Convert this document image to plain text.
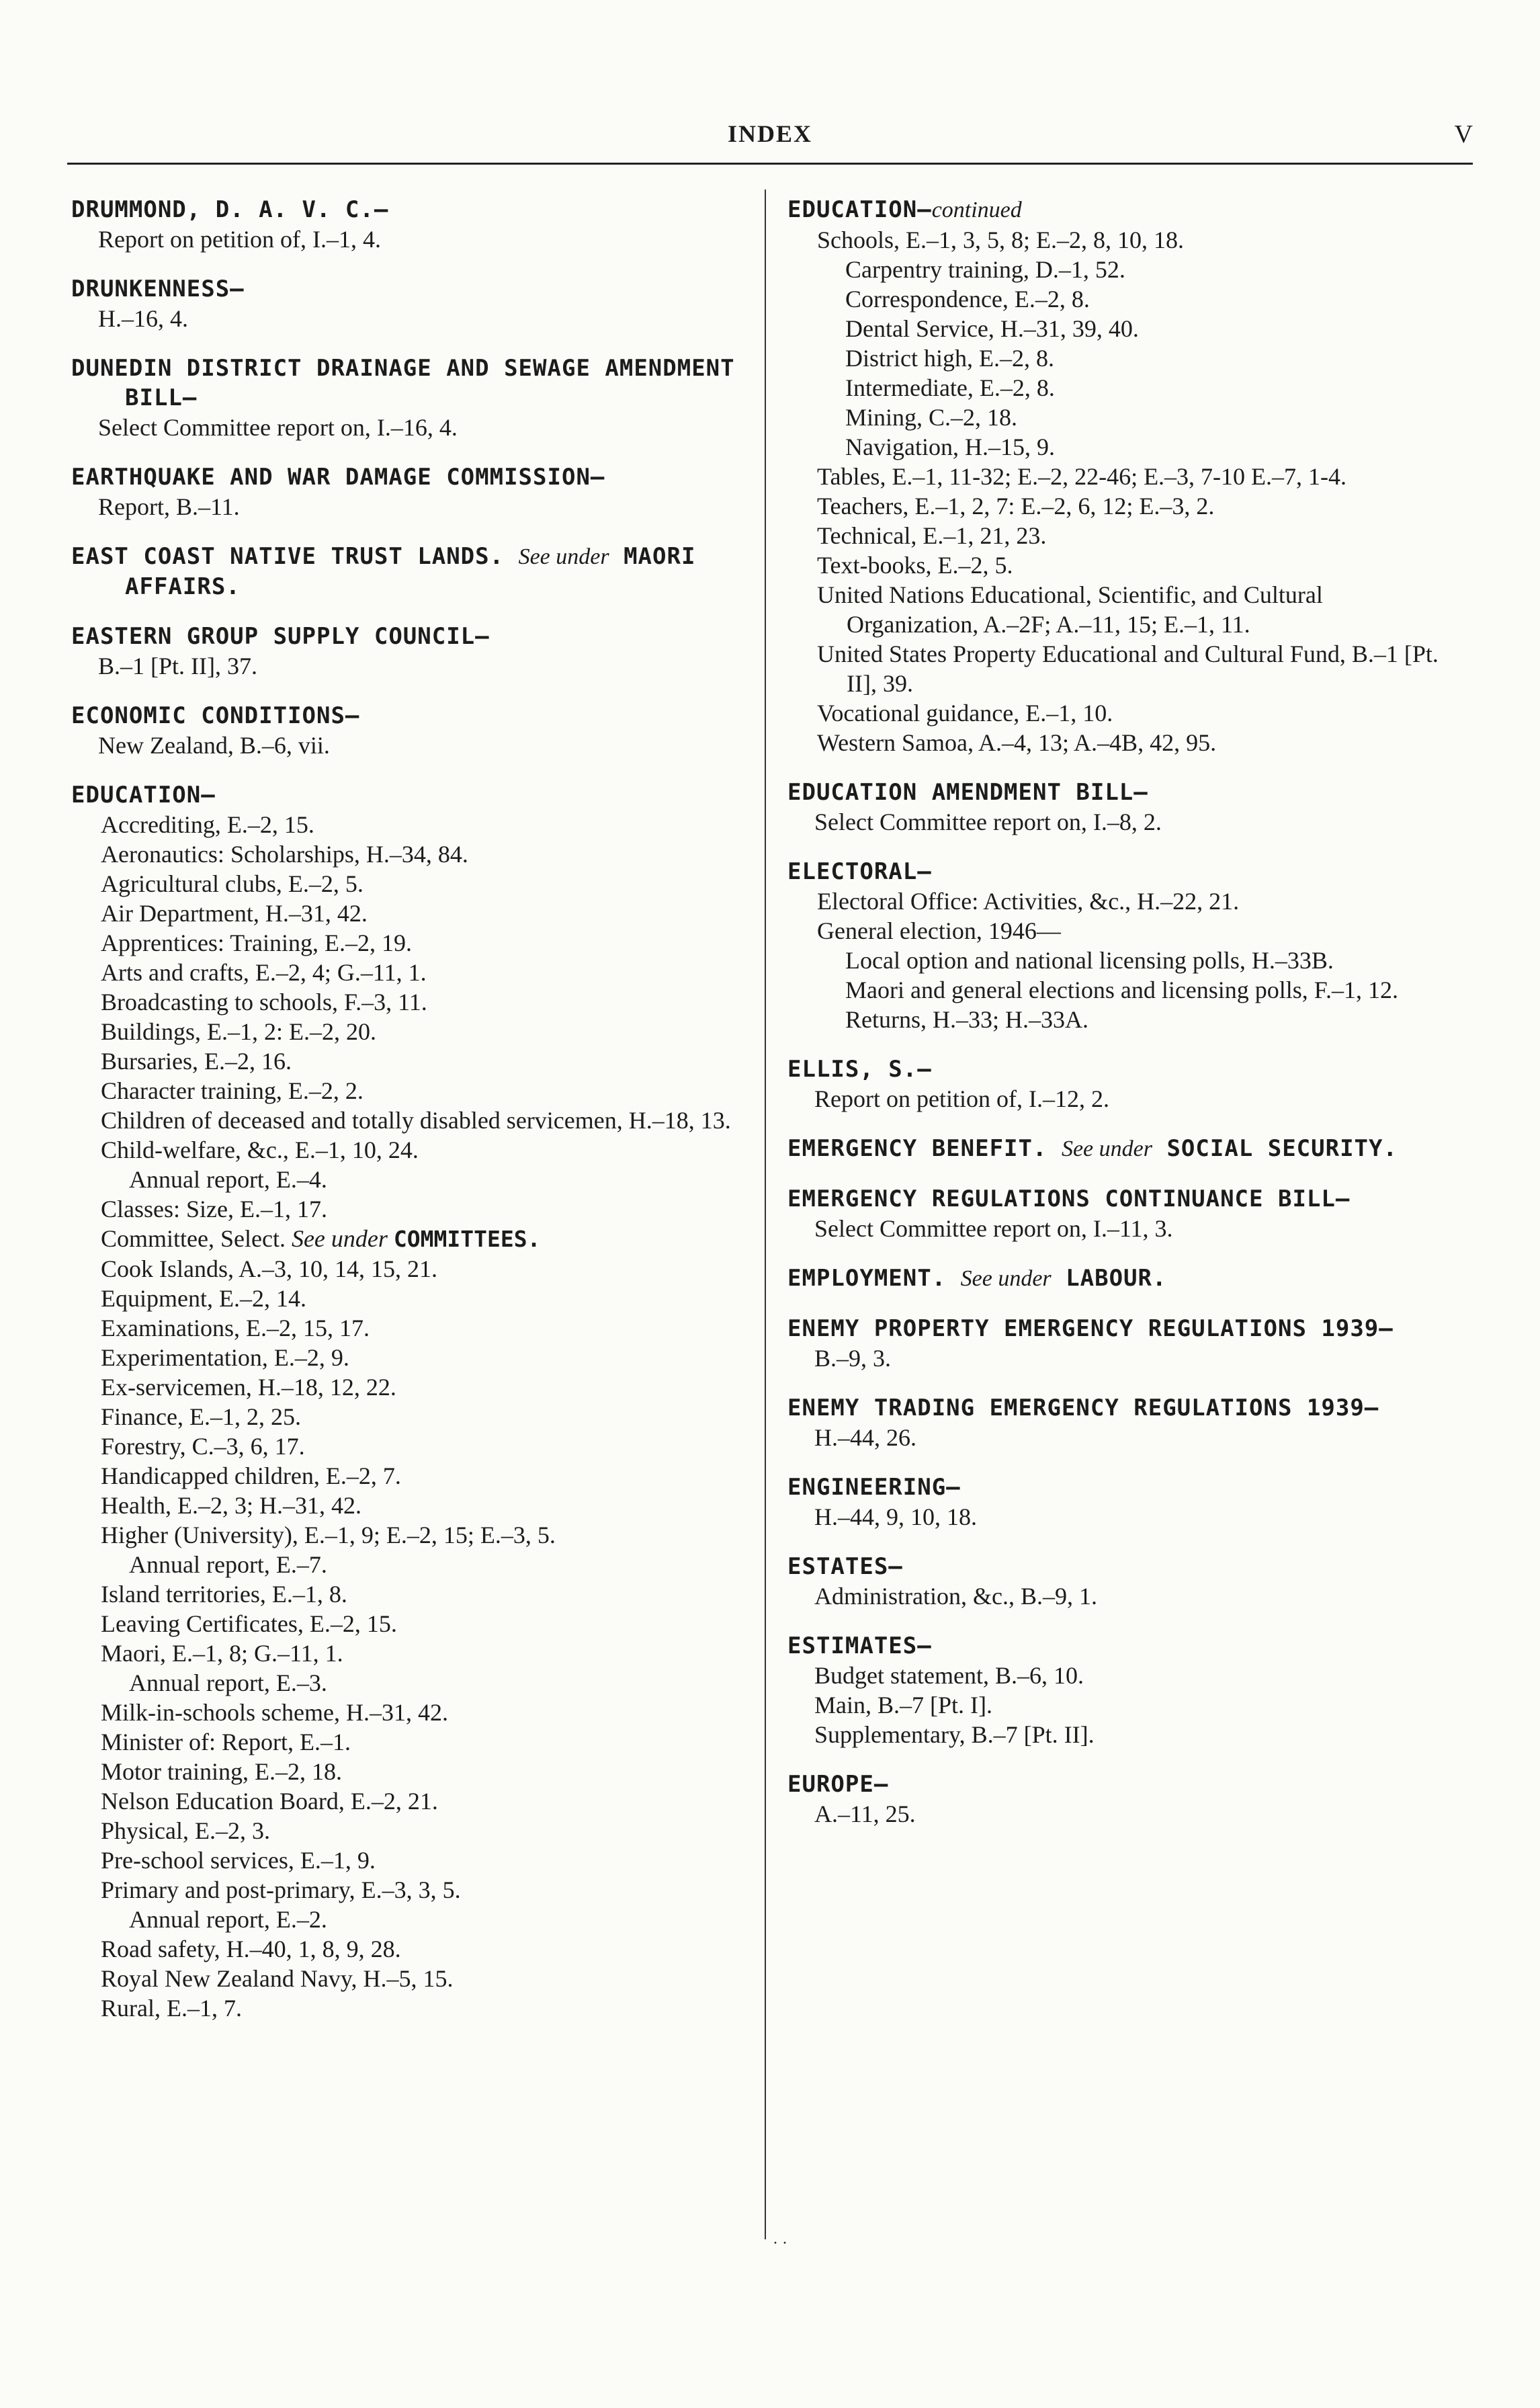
INDEX	V
DRUMMOND, D. A. V. C.—
Report on petition of, I.–1, 4.
DRUNKENNESS—
H.–16, 4.
DUNEDIN DISTRICT DRAINAGE AND SEWAGE AMENDMENT BILL—
Select Committee report on, I.–16, 4.
EARTHQUAKE AND WAR DAMAGE COMMISSION—
Report, B.–11.
EAST COAST NATIVE TRUST LANDS. See under MAORI AFFAIRS.
EASTERN GROUP SUPPLY COUNCIL—
B.–1 [Pt. II], 37.
ECONOMIC CONDITIONS—
New Zealand, B.–6, vii.
EDUCATION—
Accrediting, E.–2, 15.
Aeronautics: Scholarships, H.–34, 84.
Agricultural clubs, E.–2, 5.
Air Department, H.–31, 42.
Apprentices: Training, E.–2, 19.
Arts and crafts, E.–2, 4; G.–11, 1.
Broadcasting to schools, F.–3, 11.
Buildings, E.–1, 2: E.–2, 20.
Bursaries, E.–2, 16.
Character training, E.–2, 2.
Children of deceased and totally disabled servicemen, H.–18, 13.
Child-welfare, &c., E.–1, 10, 24.
Annual report, E.–4.
Classes: Size, E.–1, 17.
Committee, Select. See under COMMITTEES.
Cook Islands, A.–3, 10, 14, 15, 21.
Equipment, E.–2, 14.
Examinations, E.–2, 15, 17.
Experimentation, E.–2, 9.
Ex-servicemen, H.–18, 12, 22.
Finance, E.–1, 2, 25.
Forestry, C.–3, 6, 17.
Handicapped children, E.–2, 7.
Health, E.–2, 3; H.–31, 42.
Higher (University), E.–1, 9; E.–2, 15; E.–3, 5.
Annual report, E.–7.
Island territories, E.–1, 8.
Leaving Certificates, E.–2, 15.
Maori, E.–1, 8; G.–11, 1.
Annual report, E.–3.
Milk-in-schools scheme, H.–31, 42.
Minister of: Report, E.–1.
Motor training, E.–2, 18.
Nelson Education Board, E.–2, 21.
Physical, E.–2, 3.
Pre-school services, E.–1, 9.
Primary and post-primary, E.–3, 3, 5.
Annual report, E.–2.
Road safety, H.–40, 1, 8, 9, 28.
Royal New Zealand Navy, H.–5, 15.
Rural, E.–1, 7.
EDUCATION—continued
Schools, E.–1, 3, 5, 8; E.–2, 8, 10, 18.
Carpentry training, D.–1, 52.
Correspondence, E.–2, 8.
Dental Service, H.–31, 39, 40.
District high, E.–2, 8.
Intermediate, E.–2, 8.
Mining, C.–2, 18.
Navigation, H.–15, 9.
Tables, E.–1, 11-32; E.–2, 22-46; E.–3, 7-10 E.–7, 1-4.
Teachers, E.–1, 2, 7: E.–2, 6, 12; E.–3, 2.
Technical, E.–1, 21, 23.
Text-books, E.–2, 5.
United Nations Educational, Scientific, and Cultural Organization, A.–2F; A.–11, 15; E.–1, 11.
United States Property Educational and Cultural Fund, B.–1 [Pt. II], 39.
Vocational guidance, E.–1, 10.
Western Samoa, A.–4, 13; A.–4B, 42, 95.
EDUCATION AMENDMENT BILL—
Select Committee report on, I.–8, 2.
ELECTORAL—
Electoral Office: Activities, &c., H.–22, 21.
General election, 1946—
Local option and national licensing polls, H.–33B.
Maori and general elections and licensing polls, F.–1, 12.
Returns, H.–33; H.–33A.
ELLIS, S.—
Report on petition of, I.–12, 2.
EMERGENCY BENEFIT. See under SOCIAL SECURITY.
EMERGENCY REGULATIONS CONTINUANCE BILL—
Select Committee report on, I.–11, 3.
EMPLOYMENT. See under LABOUR.
ENEMY PROPERTY EMERGENCY REGULATIONS 1939—
B.–9, 3.
ENEMY TRADING EMERGENCY REGULATIONS 1939—
H.–44, 26.
ENGINEERING—
H.–44, 9, 10, 18.
ESTATES—
Administration, &c., B.–9, 1.
ESTIMATES—
Budget statement, B.–6, 10.
Main, B.–7 [Pt. I].
Supplementary, B.–7 [Pt. II].
EUROPE—
A.–11, 25.
· ·
